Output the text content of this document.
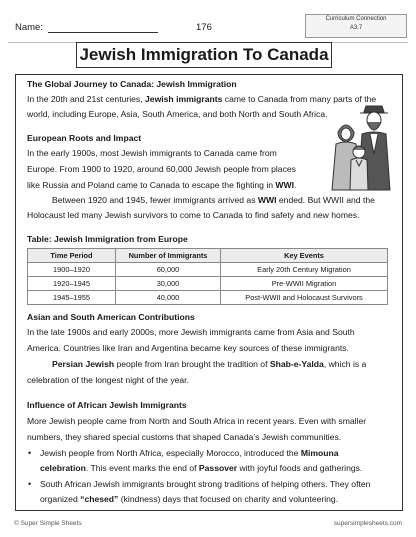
Name:	176
Curriculum Connection
A3.7
Jewish Immigration To Canada
The Global Journey to Canada: Jewish Immigration
In the 20th and 21st centuries, Jewish immigrants came to Canada from many parts of the
world, including Europe, Asia, South America, and both North and South Africa.
European Roots and Impact
In the early 1900s, most Jewish immigrants to Canada came from
Europe. From 1900 to 1920, around 60,000 Jewish people from places
like Russia and Poland came to Canada to escape the fighting in WWI.
Between 1920 and 1945, fewer immigrants arrived as WWI ended. But WWII and the
Holocaust led many Jewish survivors to come to Canada to find safety and new homes.
Table: Jewish Immigration from Europe
Time Period	Number of Immigrants	Key Events
1900–1920	60,000	Early 20th Century Migration
1920–1945	30,000	Pre-WWII Migration
1945–1955	40,000	Post-WWII and Holocaust Survivors
Asian and South American Contributions
In the late 1900s and early 2000s, more Jewish immigrants came from Asia and South
America. Countries like Iran and Argentina became key sources of these immigrants.
Persian Jewish people from Iran brought the tradition of Shab-e-Yalda, which is a
celebration of the longest night of the year.
Influence of African Jewish Immigrants
More Jewish people came from North and South Africa in recent years. Even with smaller
numbers, they shared special customs that shaped Canada’s Jewish communities.
• Jewish people from North Africa, especially Morocco, introduced the Mimouna
celebration. This event marks the end of Passover with joyful foods and gatherings.
• South African Jewish immigrants brought strong traditions of helping others. They often
organized “chesed” (kindness) days that focused on charity and volunteering.
© Super Simple Sheets	supersimplesheets.com
